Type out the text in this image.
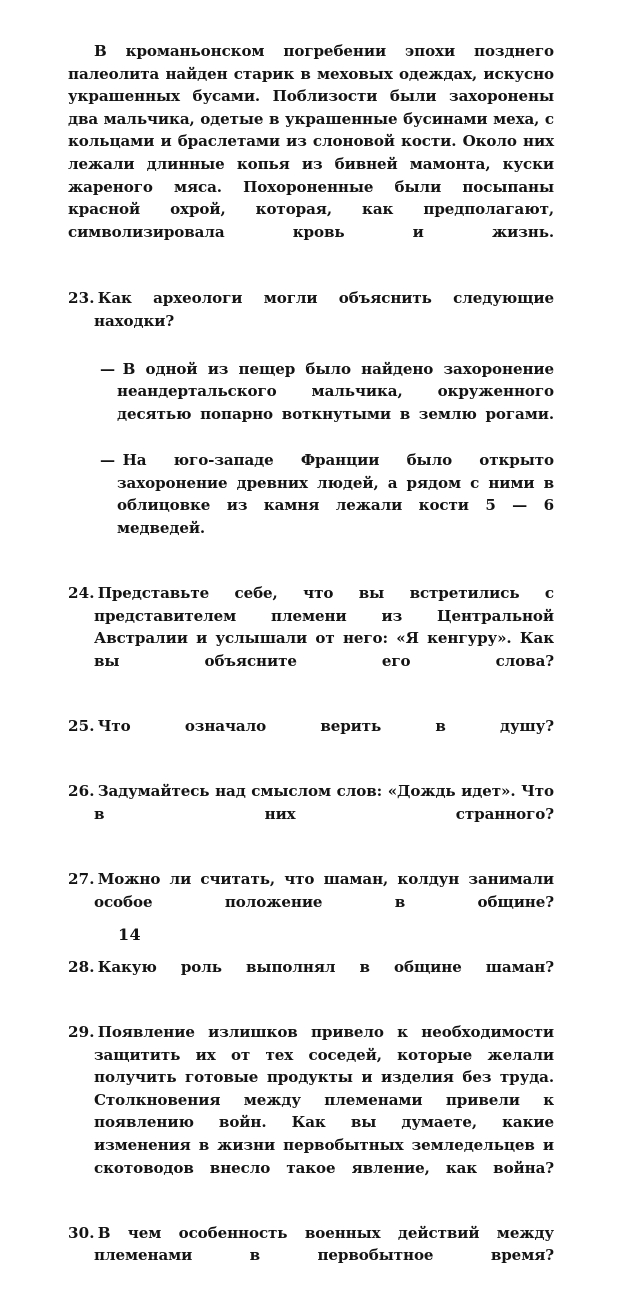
В кроманьонском погребении эпохи позднего палеолита найден старик в меховых одеждах, искусно украшенных бусами. Поблизости были захоронены два мальчика, одетые в украшенные бусинами меха, с кольцами и браслетами из слоновой кости. Около них лежали длинные копья из бивней мамонта, куски жареного мяса. Похороненные были посыпаны красной охрой, которая, как предполагают, символизировала кровь и жизнь.

23. Как археологи могли объяснить следующие находки?

— В одной из пещер было найдено захоронение неандертальского мальчика, окруженного десятью попарно воткнутыми в землю рогами.
— На юго-западе Франции было открыто захоронение древних людей, а рядом с ними в облицовке из камня лежали кости 5 — 6 медведей.

24. Представьте себе, что вы встретились с представителем племени из Центральной Австралии и услышали от него: «Я кенгуру». Как вы объясните его слова?

25. Что означало верить в душу?

26. Задумайтесь над смыслом слов: «Дождь идет». Что в них странного?

27. Можно ли считать, что шаман, колдун занимали особое положение в общине?

28. Какую роль выполнял в общине шаман?

29. Появление излишков привело к необходимости защитить их от тех соседей, которые желали получить готовые продукты и изделия без труда. Столкновения между племенами привели к появлению войн. Как вы думаете, какие изменения в жизни первобытных земледельцев и скотоводов внесло такое явление, как война?

30. В чем особенность военных действий между племенами в первобытное время?

14
